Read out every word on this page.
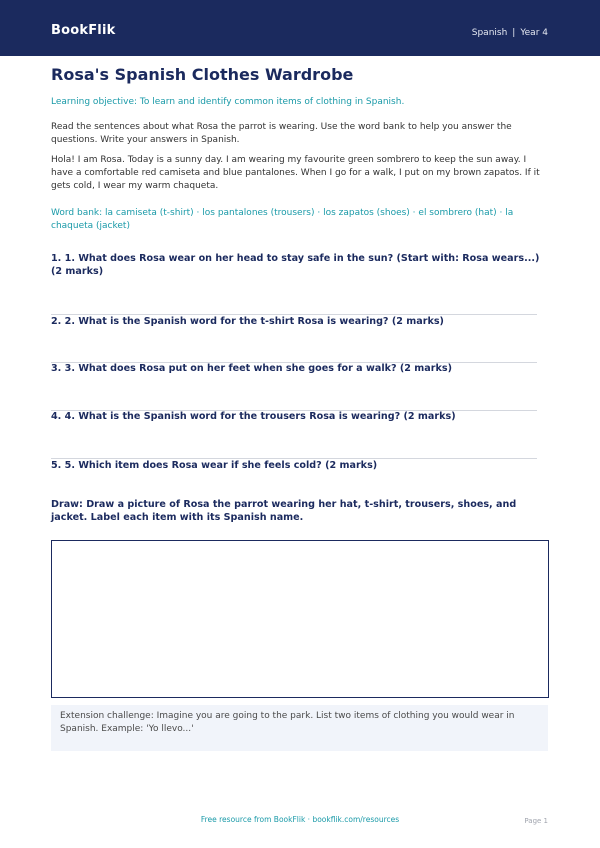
BookFlik	Spanish | Year 4
Rosa's Spanish Clothes Wardrobe
Learning objective: To learn and identify common items of clothing in Spanish.
Read the sentences about what Rosa the parrot is wearing. Use the word bank to help you answer the questions. Write your answers in Spanish.
Hola! I am Rosa. Today is a sunny day. I am wearing my favourite green sombrero to keep the sun away. I have a comfortable red camiseta and blue pantalones. When I go for a walk, I put on my brown zapatos. If it gets cold, I wear my warm chaqueta.
Word bank: la camiseta (t-shirt) · los pantalones (trousers) · los zapatos (shoes) · el sombrero (hat) · la chaqueta (jacket)
1. 1. What does Rosa wear on her head to stay safe in the sun? (Start with: Rosa wears...) (2 marks)
2. 2. What is the Spanish word for the t-shirt Rosa is wearing? (2 marks)
3. 3. What does Rosa put on her feet when she goes for a walk? (2 marks)
4. 4. What is the Spanish word for the trousers Rosa is wearing? (2 marks)
5. 5. Which item does Rosa wear if she feels cold? (2 marks)
Draw: Draw a picture of Rosa the parrot wearing her hat, t-shirt, trousers, shoes, and jacket. Label each item with its Spanish name.
Extension challenge: Imagine you are going to the park. List two items of clothing you would wear in Spanish. Example: 'Yo llevo...'
Free resource from BookFlik · bookflik.com/resources	Page 1
